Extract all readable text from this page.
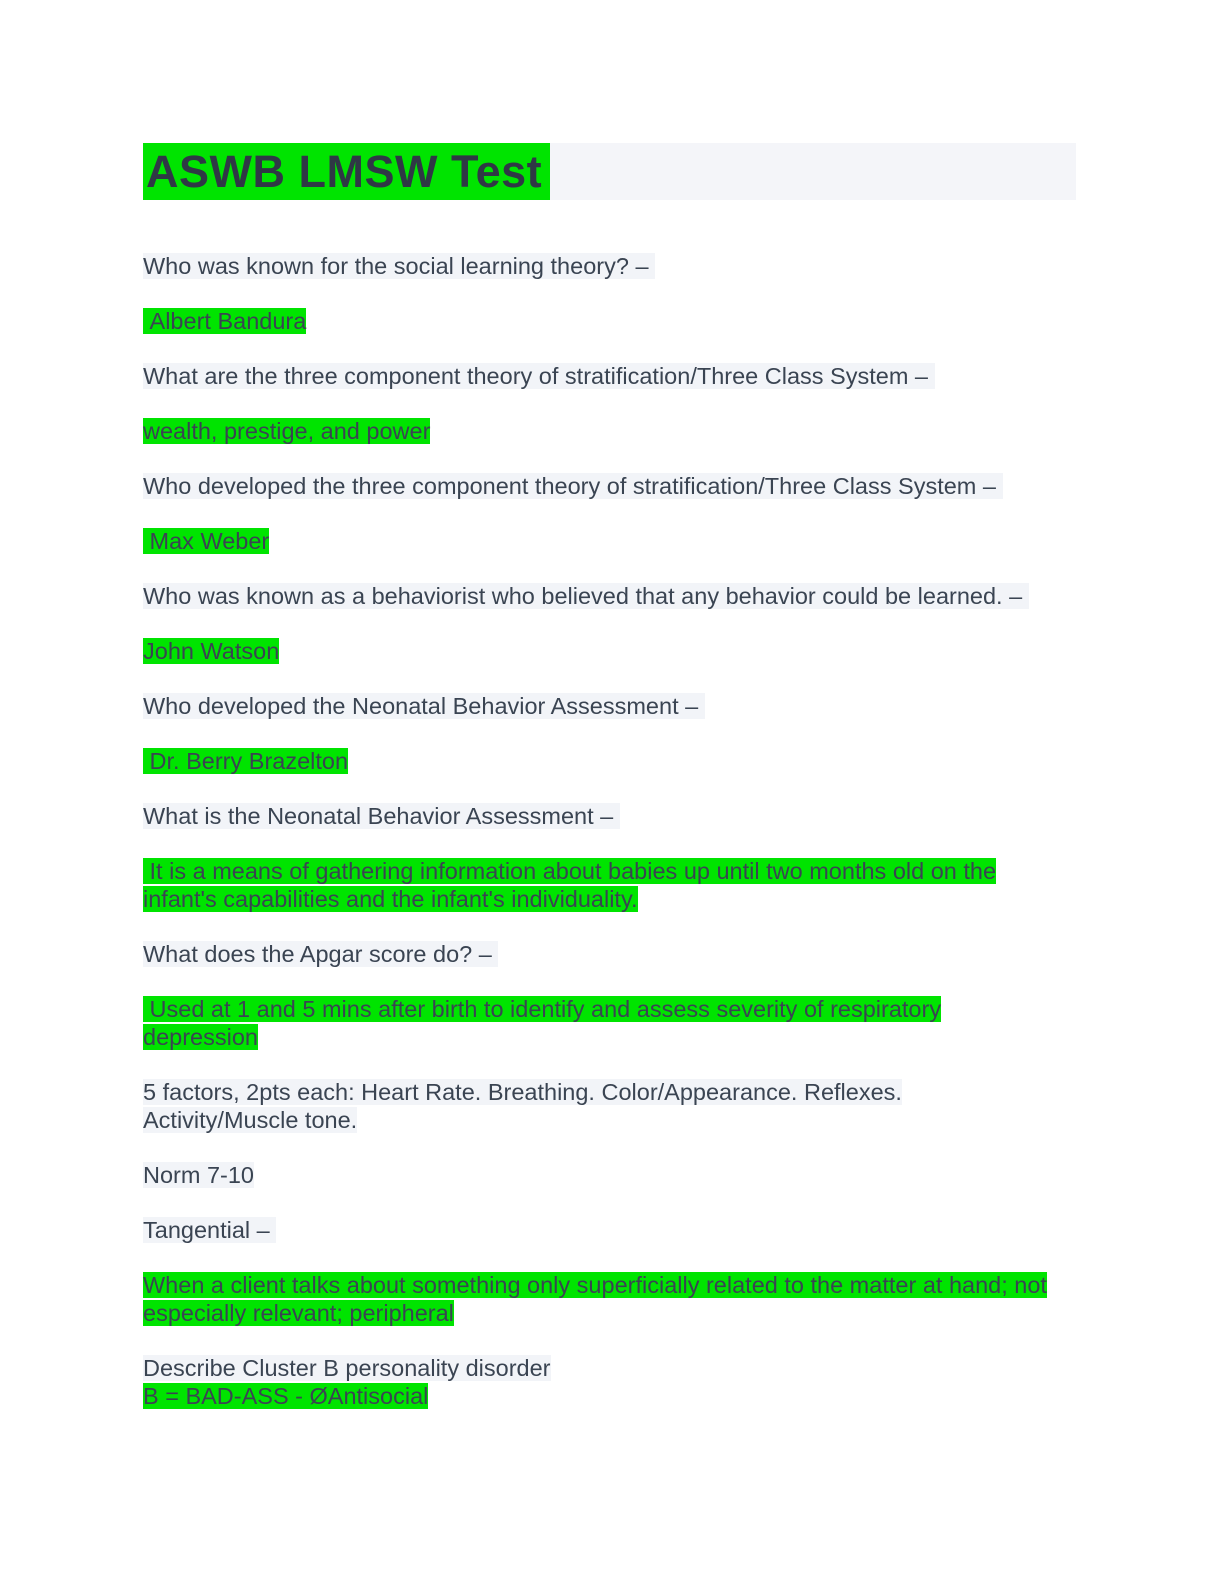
ASWB LMSW Test
Who was known for the social learning theory? –
Albert Bandura
What are the three component theory of stratification/Three Class System –
wealth, prestige, and power
Who developed the three component theory of stratification/Three Class System –
Max Weber
Who was known as a behaviorist who believed that any behavior could be learned. –
John Watson
Who developed the Neonatal Behavior Assessment –
Dr. Berry Brazelton
What is the Neonatal Behavior Assessment –
It is a means of gathering information about babies up until two months old on the
infant's capabilities and the infant's individuality.
What does the Apgar score do? –
Used at 1 and 5 mins after birth to identify and assess severity of respiratory
depression
5 factors, 2pts each: Heart Rate. Breathing. Color/Appearance. Reflexes.
Activity/Muscle tone.
Norm 7-10
Tangential –
When a client talks about something only superficially related to the matter at hand; not
especially relevant; peripheral
Describe Cluster B personality disorder
B = BAD-ASS - ØAntisocial
